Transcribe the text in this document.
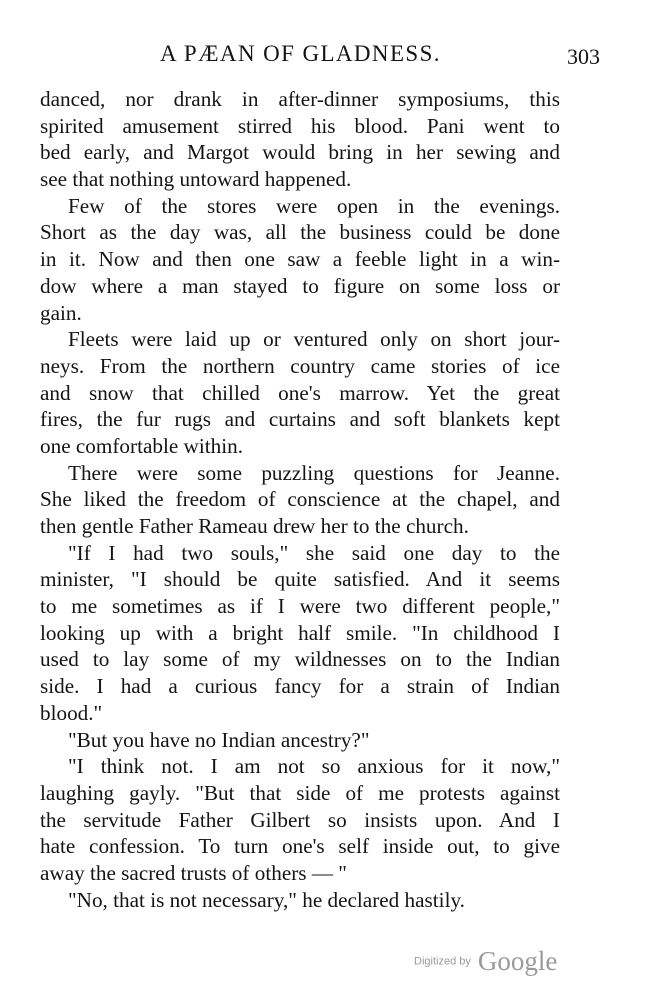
A PÆAN OF GLADNESS.	303
danced, nor drank in after-dinner symposiums, this
spirited amusement stirred his blood. Pani went to
bed early, and Margot would bring in her sewing and
see that nothing untoward happened.
Few of the stores were open in the evenings.
Short as the day was, all the business could be done
in it. Now and then one saw a feeble light in a win-
dow where a man stayed to figure on some loss or
gain.
Fleets were laid up or ventured only on short jour-
neys. From the northern country came stories of ice
and snow that chilled one's marrow. Yet the great
fires, the fur rugs and curtains and soft blankets kept
one comfortable within.
There were some puzzling questions for Jeanne.
She liked the freedom of conscience at the chapel, and
then gentle Father Rameau drew her to the church.
"If I had two souls," she said one day to the
minister, "I should be quite satisfied. And it seems
to me sometimes as if I were two different people,"
looking up with a bright half smile. "In childhood I
used to lay some of my wildnesses on to the Indian
side. I had a curious fancy for a strain of Indian
blood."
"But you have no Indian ancestry?"
"I think not. I am not so anxious for it now,"
laughing gayly. "But that side of me protests against
the servitude Father Gilbert so insists upon. And I
hate confession. To turn one's self inside out, to give
away the sacred trusts of others — "
"No, that is not necessary," he declared hastily.
Digitized by Google
